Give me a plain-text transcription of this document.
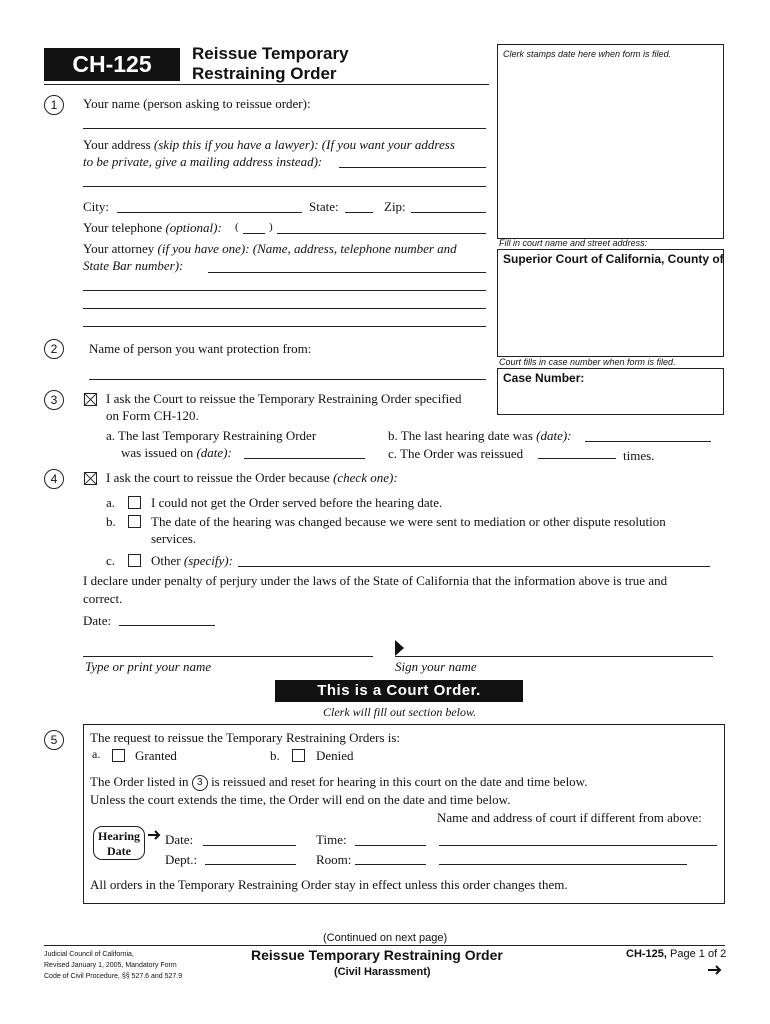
CH-125	Reissue Temporary
Restraining Order
Clerk stamps date here when form is filed.
Fill in court name and street address:
Superior Court of California, County of
Court fills in case number when form is filed.
Case Number:
1	Your name (person asking to reissue order):
Your address (skip this if you have a lawyer): (If you want your address
to be private, give a mailing address instead):
City:	State:	Zip:
Your telephone (optional): (	)
Your attorney (if you have one): (Name, address, telephone number and
State Bar number):
2	Name of person you want protection from:
3	I ask the Court to reissue the Temporary Restraining Order specified
on Form CH-120.
a. The last Temporary Restraining Order
was issued on (date):
b. The last hearing date was (date):
c. The Order was reissued	times.
4	I ask the court to reissue the Order because (check one):
a.	I could not get the Order served before the hearing date.
b.	The date of the hearing was changed because we were sent to mediation or other dispute resolution
services.
c.	Other (specify):
I declare under penalty of perjury under the laws of the State of California that the information above is true and
correct.
Date:
Type or print your name	Sign your name
This is a Court Order.
Clerk will fill out section below.
5	The request to reissue the Temporary Restraining Orders is:
a.	Granted	b.	Denied
The Order listed in 3 is reissued and reset for hearing in this court on the date and time below.
Unless the court extends the time, the Order will end on the date and time below.
Name and address of court if different from above:
Hearing
Date
Date:	Time:
Dept.:	Room:
All orders in the Temporary Restraining Order stay in effect unless this order changes them.
(Continued on next page)
Judicial Council of California,
Revised January 1, 2005, Mandatory Form
Code of Civil Procedure, §§ 527.6 and 527.9
Reissue Temporary Restraining Order
(Civil Harassment)
CH-125, Page 1 of 2
